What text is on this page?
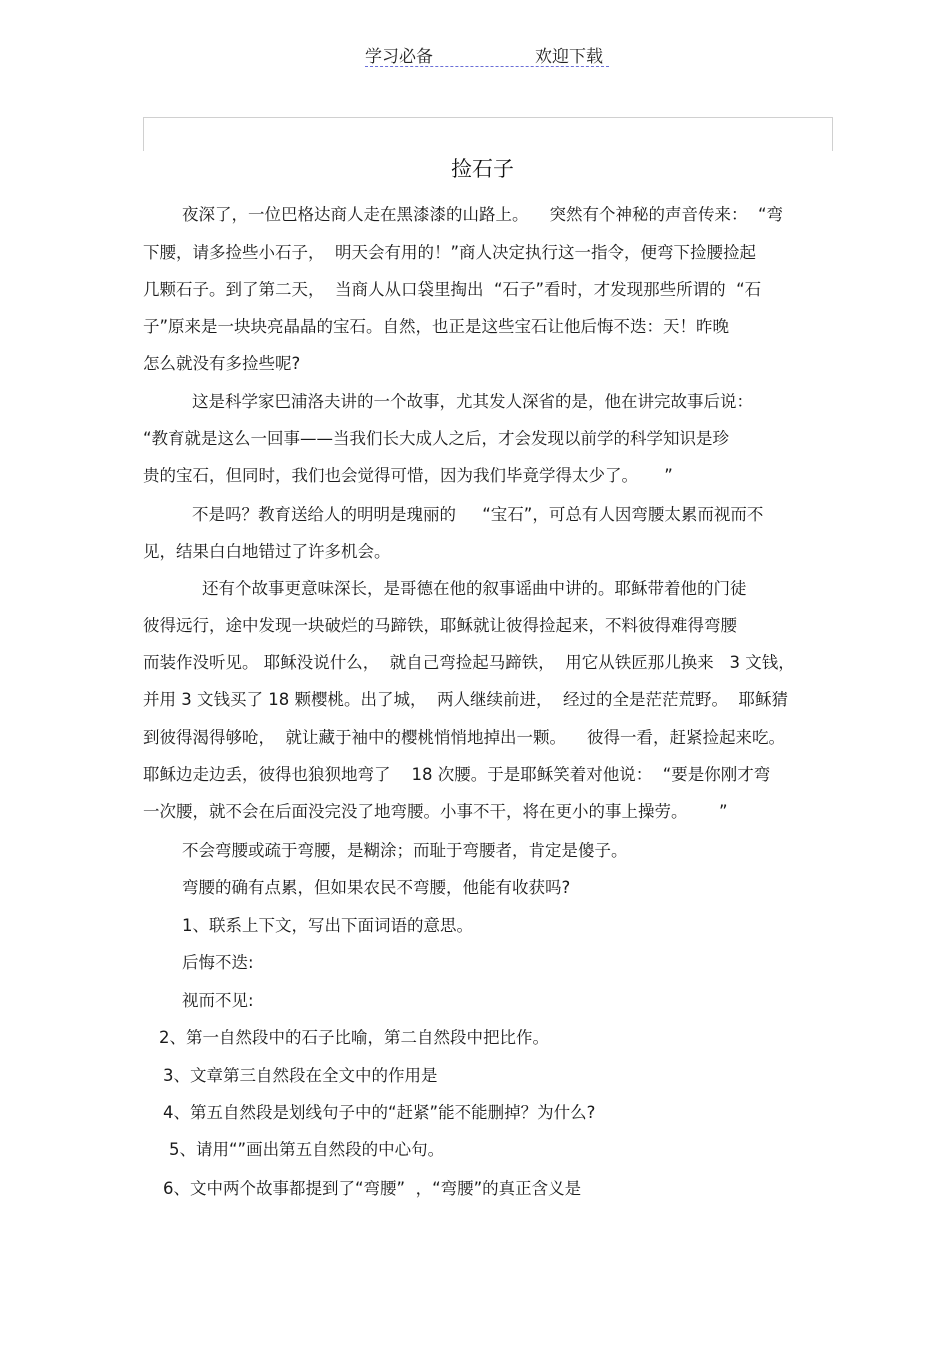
学习必备	欢迎下载
捡石子
夜深了，一位巴格达商人走在黑漆漆的山路上。    突然有个神秘的声音传来：  “弯
下腰，请多捡些小石子，  明天会有用的！”商人决定执行这一指令，便弯下捡腰捡起
几颗石子。到了第二天，  当商人从口袋里掏出  “石子”看时，才发现那些所谓的  “石
子”原来是一块块亮晶晶的宝石。自然，也正是这些宝石让他后悔不迭：天！昨晚
怎么就没有多捡些呢?
这是科学家巴浦洛夫讲的一个故事，尤其发人深省的是，他在讲完故事后说：
“教育就是这么一回事——当我们长大成人之后，才会发现以前学的科学知识是珍
贵的宝石，但同时，我们也会觉得可惜，因为我们毕竟学得太少了。     ”
不是吗？教育送给人的明明是瑰丽的     “宝石”，可总有人因弯腰太累而视而不
见，结果白白地错过了许多机会。
还有个故事更意味深长，是哥德在他的叙事谣曲中讲的。耶稣带着他的门徒
彼得远行，途中发现一块破烂的马蹄铁，耶稣就让彼得捡起来，不料彼得难得弯腰
而装作没听见。 耶稣没说什么，  就自己弯捡起马蹄铁，  用它从铁匠那儿换来   3 文钱，
并用 3 文钱买了 18 颗樱桃。出了城，  两人继续前进，  经过的全是茫茫荒野。  耶稣猜
到彼得渴得够呛，  就让藏于袖中的樱桃悄悄地掉出一颗。    彼得一看，赶紧捡起来吃。
耶稣边走边丢，彼得也狼狈地弯了    18 次腰。于是耶稣笑着对他说：  “要是你刚才弯
一次腰，就不会在后面没完没了地弯腰。小事不干，将在更小的事上操劳。      ”
不会弯腰或疏于弯腰，是糊涂；而耻于弯腰者，肯定是傻子。
弯腰的确有点累，但如果农民不弯腰，他能有收获吗?
1、联系上下文，写出下面词语的意思。
后悔不迭:
视而不见:
2、第一自然段中的石子比喻，第二自然段中把比作。
3、文章第三自然段在全文中的作用是
4、第五自然段是划线句子中的“赶紧”能不能删掉？为什么?
5、请用“”画出第五自然段的中心句。
6、文中两个故事都提到了“弯腰”  ，“弯腰”的真正含义是
